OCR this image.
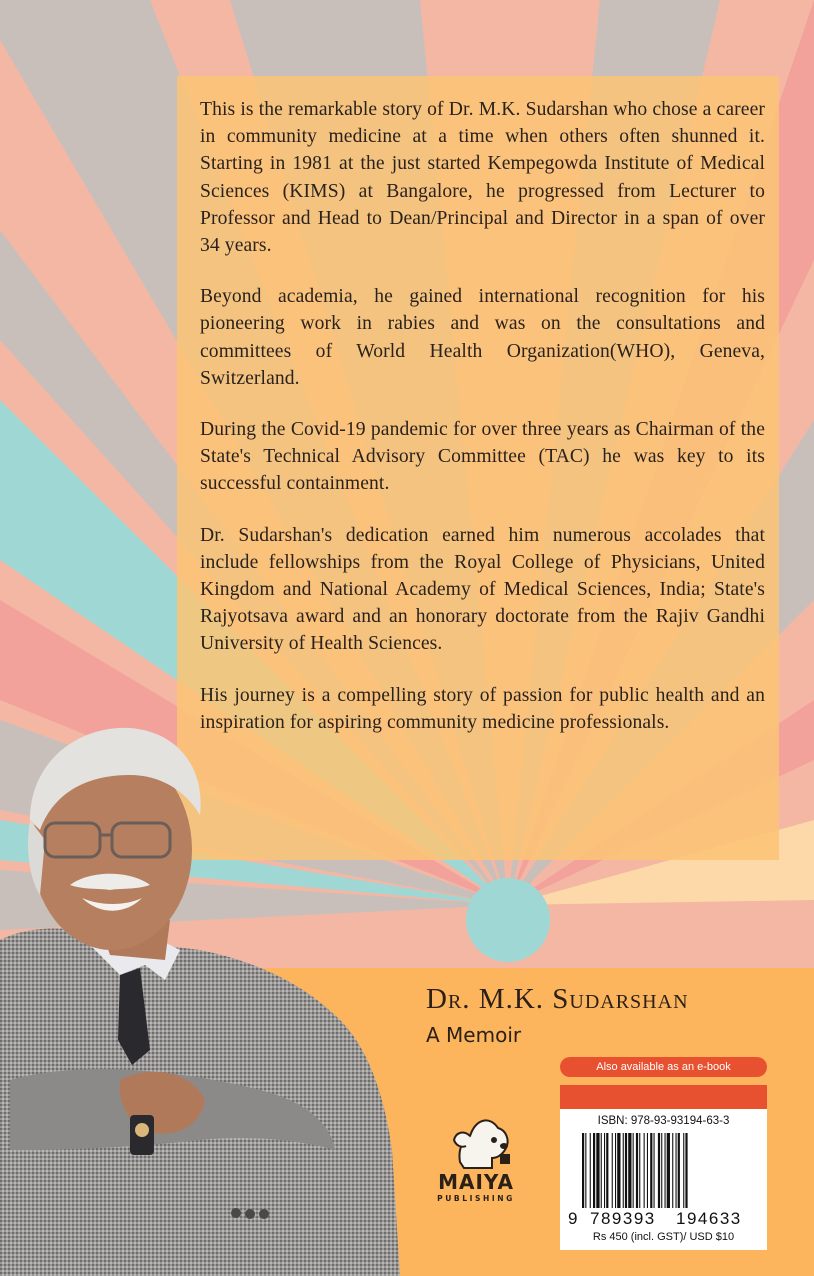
This is the remarkable story of Dr. M.K. Sudarshan who chose a career in community medicine at a time when others often shunned it. Starting in 1981 at the just started Kempegowda Institute of Medical Sciences (KIMS) at Bangalore, he progressed from Lecturer to Professor and Head to Dean/Principal and Director in a span of over 34 years.

Beyond academia, he gained international recognition for his pioneering work in rabies and was on the consultations and committees of World Health Organization(WHO), Geneva, Switzerland.

During the Covid-19 pandemic for over three years as Chairman of the State's Technical Advisory Committee (TAC) he was key to its successful containment.

Dr. Sudarshan's dedication earned him numerous accolades that include fellowships from the Royal College of Physicians, United Kingdom and National Academy of Medical Sciences, India; State's Rajyotsava award and an honorary doctorate from the Rajiv Gandhi University of Health Sciences.

His journey is a compelling story of passion for public health and an inspiration for aspiring community medicine professionals.

Dr. M.K. Sudarshan
A Memoir
MAIYA
PUBLISHING
Also available as an e-book
ISBN: 978-93-93194-63-3
9 789393 194633
Rs 450 (incl. GST)/ USD $10
